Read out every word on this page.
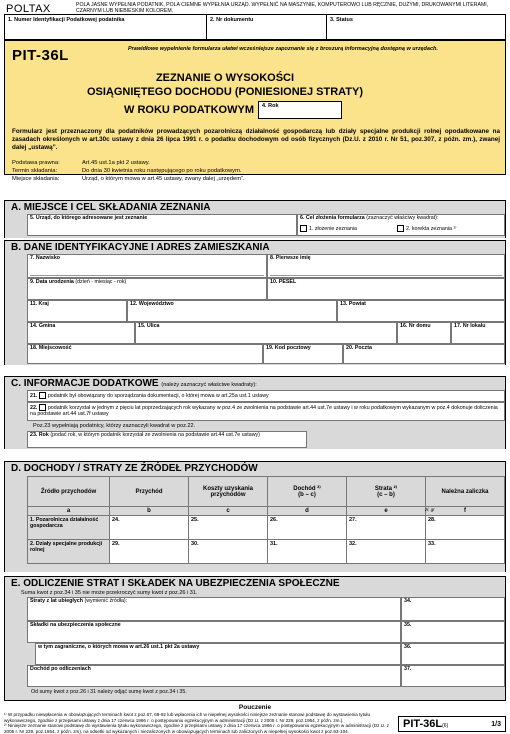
POLTAX	POLA JASNE WYPEŁNIA PODATNIK, POLA CIEMNE WYPEŁNIA URZĄD. WYPEŁNIĆ NA MASZYNIE, KOMPUTEROWO LUB RĘCZNIE, DUŻYMI, DRUKOWANYMI LITERAMI, CZARNYM LUB NIEBIESKIM KOLOREM.
1. Numer Identyfikacji Podatkowej podatnika	2. Nr dokumentu	3. Status
PIT-36L	Prawidłowe wypełnienie formularza ułatwi wcześniejsze zapoznanie się z broszurą informacyjną dostępną w urzędach.
ZEZNANIE O WYSOKOŚCI
OSIĄGNIĘTEGO DOCHODU (PONIESIONEJ STRATY)
W ROKU PODATKOWYM	4. Rok
Formularz jest przeznaczony dla podatników prowadzących pozarolniczą działalność gospodarczą lub działy specjalne produkcji rolnej opodatkowane na zasadach określonych w art.30c ustawy z dnia 26 lipca 1991 r. o podatku dochodowym od osób fizycznych (Dz.U. z 2010 r. Nr 51, poz.307, z późn. zm.), zwanej dalej „ustawą”.
Podstawa prawna:	Art.45 ust.1a pkt 2 ustawy.
Termin składania:	Do dnia 30 kwietnia roku następującego po roku podatkowym.
Miejsce składania:	Urząd, o którym mowa w art.45 ustawy, zwany dalej „urzędem”.
A. MIEJSCE I CEL SKŁADANIA ZEZNANIA
5. Urząd, do którego adresowane jest zeznanie	6. Cel złożenia formularza (zaznaczyć właściwy kwadrat):
1. złożenie zeznania	2. korekta zeznania ¹⁾
B. DANE IDENTYFIKACYJNE I ADRES ZAMIESZKANIA
7. Nazwisko	8. Pierwsze imię
9. Data urodzenia (dzień - miesiąc - rok)	10. PESEL
11. Kraj	12. Województwo	13. Powiat
14. Gmina	15. Ulica	16. Nr domu	17. Nr lokalu
18. Miejscowość	19. Kod pocztowy	20. Poczta
C. INFORMACJE DODATKOWE (należy zaznaczyć właściwe kwadraty):
21. podatnik był obowiązany do sporządzania dokumentacji, o której mowa w art.25a ust.1 ustawy
22. podatnik korzystał w jednym z pięciu lat poprzedzających rok wykazany w poz.4 ze zwolnienia na podstawie art.44 ust.7e ustawy i w roku podatkowym wykazanym w poz.4 dokonuje doliczenia na podstawie art.44 ust.7f ustawy
Poz.23 wypełniają podatnicy, którzy zaznaczyli kwadrat w poz.22.
23. Rok (podać rok, w którym podatnik korzystał ze zwolnienia na podstawie art.44 ust.7e ustawy)
D. DOCHODY / STRATY ZE ŹRÓDEŁ PRZYCHODÓW
Źródło przychodów	Przychód	Koszty uzyskania przychodów	Dochód ²⁾
(b – c)	Strata ²⁾
(c – b)	Należna zaliczka
a	b	c	d	e	f
1. Pozarolnicza działalność gospodarcza	24.	25.	26.	27.	28.
2. Działy specjalne produkcji rolnej	29.	30.	31.	32.	33.
zł, gr
E. ODLICZENIE STRAT I SKŁADEK NA UBEZPIECZENIA SPOŁECZNE
Suma kwot z poz.34 i 35 nie może przekroczyć sumy kwot z poz.26 i 31.
Straty z lat ubiegłych (wymienić źródła):	34.
Składki na ubezpieczenia społeczne	35.
w tym zagraniczne, o których mowa w art.26 ust.1 pkt 2a ustawy	36.
Dochód po odliczeniach	37.
Od sumy kwot z poz.26 i 31 należy odjąć sumę kwot z poz.34 i 35.
Pouczenie
¹⁾ W przypadku niewpłacenia w obowiązujących terminach kwot z poz.67, 69-92 lub wpłacenia ich w niepełnej wysokości niniejsze zeznanie stanowi podstawę do wystawienia tytułu wykonawczego, zgodnie z przepisami ustawy z dnia 17 czerwca 1966 r. o postępowaniu egzekucyjnym w administracji (Dz.U. z 2005 r. Nr 229, poz.1954, z późn. zm.).
²⁾ Niniejsze zeznanie stanowi podstawę do wystawienia tytułu wykonawczego, zgodnie z przepisami ustawy z dnia 17 czerwca 1966 r. o postępowaniu egzekucyjnym w administracji (Dz.U. z 2005 r. Nr 229, poz.1954, z późn. zm), na odsetki od wykazanych i niezaliczonych w obowiązujących terminach lub zaliczonych w niepełnej wysokości kwot z poz.93-104.
PIT-36L(6)	1/3
